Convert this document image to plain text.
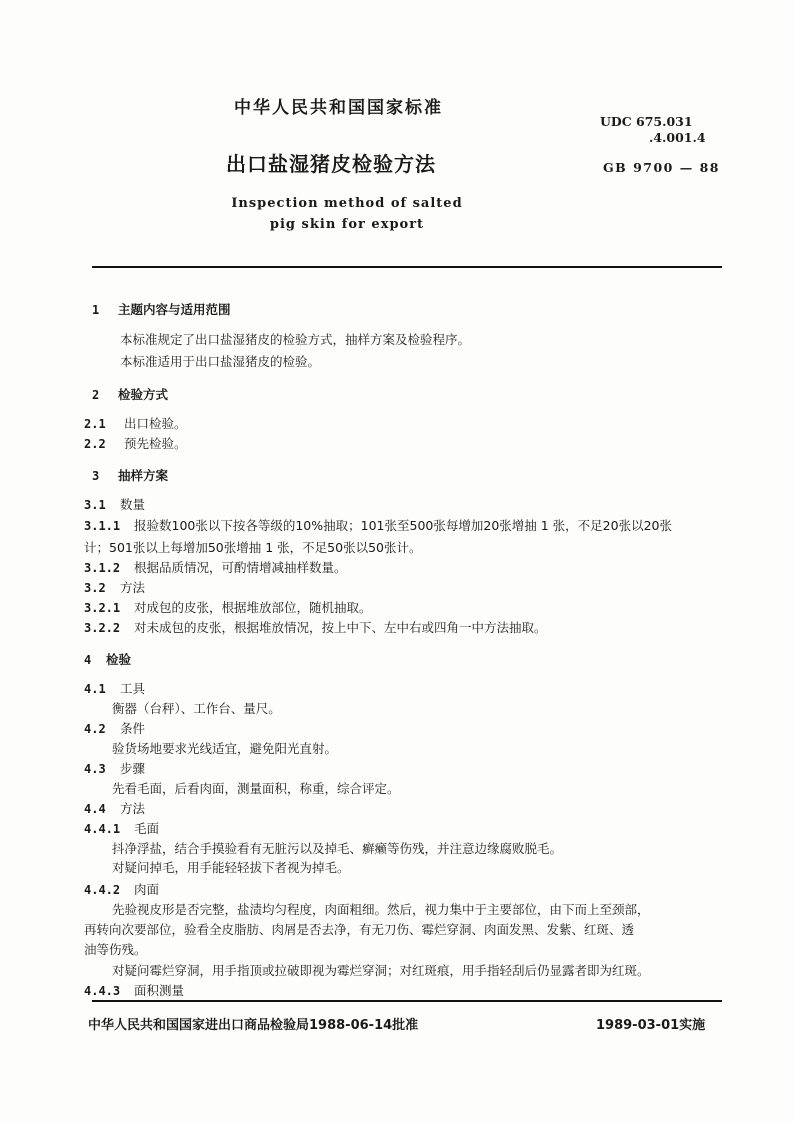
中华人民共和国国家标准
UDC 675.031
.4.001.4
出口盐湿猪皮检验方法	GB 9700 — 88
Inspection method of salted pig skin for export
1 主题内容与适用范围
本标准规定了出口盐湿猪皮的检验方式，抽样方案及检验程序。
本标准适用于出口盐湿猪皮的检验。
2 检验方式
2.1 出口检验。
2.2 预先检验。
3 抽样方案
3.1 数量
3.1.1 报验数100张以下按各等级的10%抽取；101张至500张每增加20张增抽 1 张，不足20张以20张
计；501张以上每增加50张增抽 1 张，不足50张以50张计。
3.1.2 根据品质情况，可酌情增减抽样数量。
3.2 方法
3.2.1 对成包的皮张，根据堆放部位，随机抽取。
3.2.2 对未成包的皮张，根据堆放情况，按上中下、左中右或四角一中方法抽取。
4 检验
4.1 工具
衡器（台秤）、工作台、量尺。
4.2 条件
验货场地要求光线适宜，避免阳光直射。
4.3 步骤
先看毛面，后看肉面，测量面积，称重，综合评定。
4.4 方法
4.4.1 毛面
抖净浮盐，结合手摸验看有无脏污以及掉毛、癣癞等伤残，并注意边缘腐败脱毛。
对疑问掉毛，用手能轻轻拔下者视为掉毛。
4.4.2 肉面
先验视皮形是否完整，盐渍均匀程度，肉面粗细。然后，视力集中于主要部位，由下而上至颈部，
再转向次要部位，验看全皮脂肪、肉屑是否去净，有无刀伤、霉烂穿洞、肉面发黑、发紫、红斑、透
油等伤残。
对疑问霉烂穿洞，用手指顶或拉破即视为霉烂穿洞；对红斑痕，用手指轻刮后仍显露者即为红斑。
4.4.3 面积测量
中华人民共和国国家进出口商品检验局1988-06-14批准	1989-03-01实施
